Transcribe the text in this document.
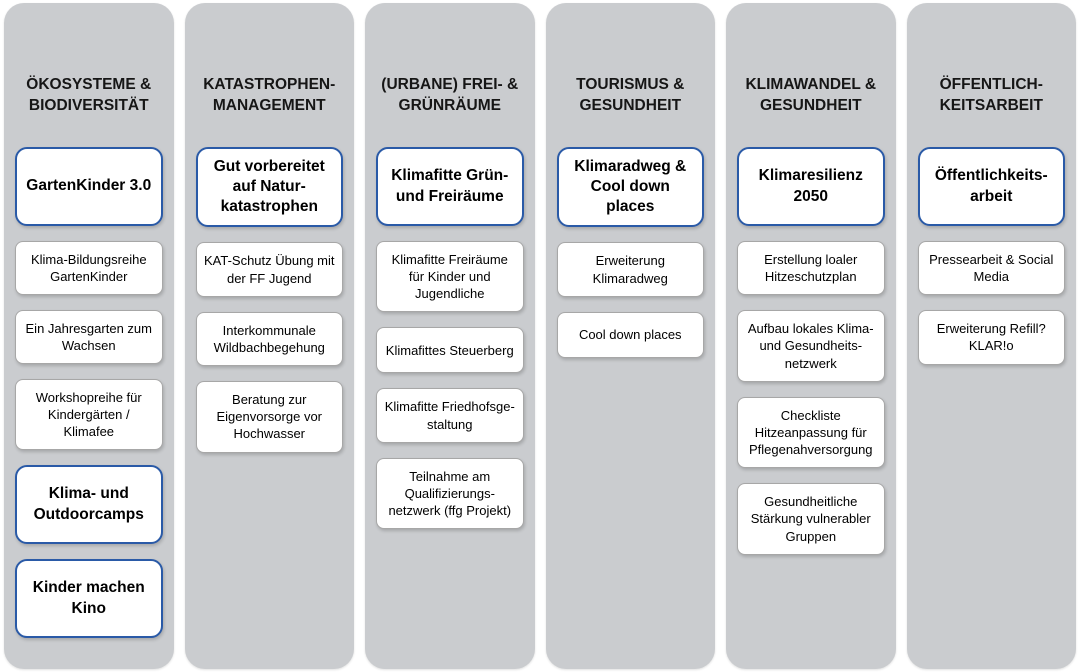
ÖKOSYSTEME & BIODIVERSITÄT
GartenKinder 3.0
Klima-Bildungsreihe GartenKinder
Ein Jahresgarten zum Wachsen
Workshopreihe für Kindergärten / Klimafee
Klima- und Outdoorcamps
Kinder machen Kino
KATASTROPHEN-MANAGEMENT
Gut vorbereitet auf Natur-katastrophen
KAT-Schutz Übung mit der FF Jugend
Interkommunale Wildbachbegehung
Beratung zur Eigenvorsorge vor Hochwasser
(URBANE) FREI- & GRÜNRÄUME
Klimafitte Grün- und Freiräume
Klimafitte Freiräume für Kinder und Jugendliche
Klimafittes Steuerberg
Klimafitte Friedhofsge-staltung
Teilnahme am Qualifizierungs-netzwerk (ffg Projekt)
TOURISMUS & GESUNDHEIT
Klimaradweg & Cool down places
Erweiterung Klimaradweg
Cool down places
KLIMAWANDEL & GESUNDHEIT
Klimaresilienz 2050
Erstellung loaler Hitzeschutzplan
Aufbau lokales Klima- und Gesundheits-netzwerk
Checkliste Hitzeanpassung für Pflegenahversorgung
Gesundheitliche Stärkung vulnerabler Gruppen
ÖFFENTLICH-KEITSARBEIT
Öffentlichkeits-arbeit
Pressearbeit & Social Media
Erweiterung Refill? KLAR!o
